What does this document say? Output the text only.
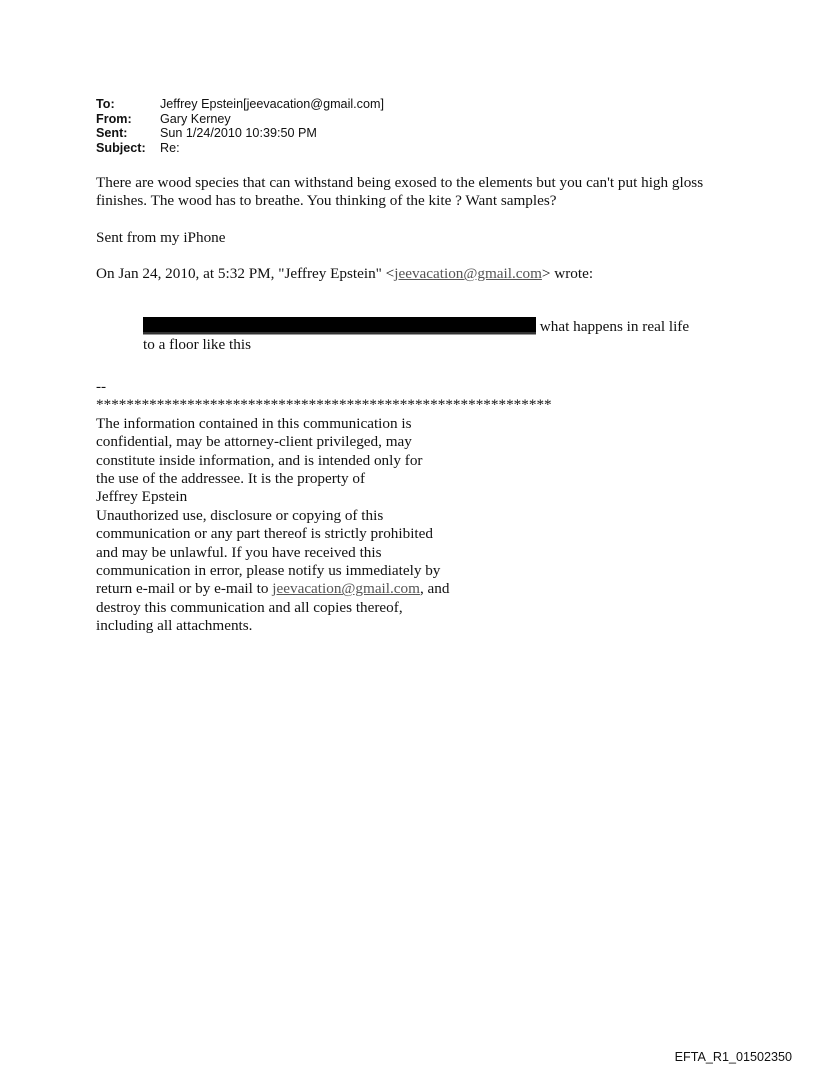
To:	Jeffrey Epstein[jeevacation@gmail.com]
From:	Gary Kerney
Sent:	Sun 1/24/2010 10:39:50 PM
Subject:	Re:

There are wood species that can withstand being exosed to the elements but you can't put high gloss finishes. The wood has to breathe. You thinking of the kite ? Want samples?

Sent from my iPhone

On Jan 24, 2010, at 5:32 PM, "Jeffrey Epstein" <jeevacation@gmail.com> wrote:

what happens in real life to a floor like this

--

************************************************************

The information contained in this communication is

confidential, may be attorney-client privileged, may

constitute inside information, and is intended only for

the use of the addressee. It is the property of

Jeffrey Epstein

Unauthorized use, disclosure or copying of this

communication or any part thereof is strictly prohibited

and may be unlawful. If you have received this

communication in error, please notify us immediately by

return e-mail or by e-mail to jeevacation@gmail.com, and

destroy this communication and all copies thereof,

including all attachments.

EFTA_R1_01502350
